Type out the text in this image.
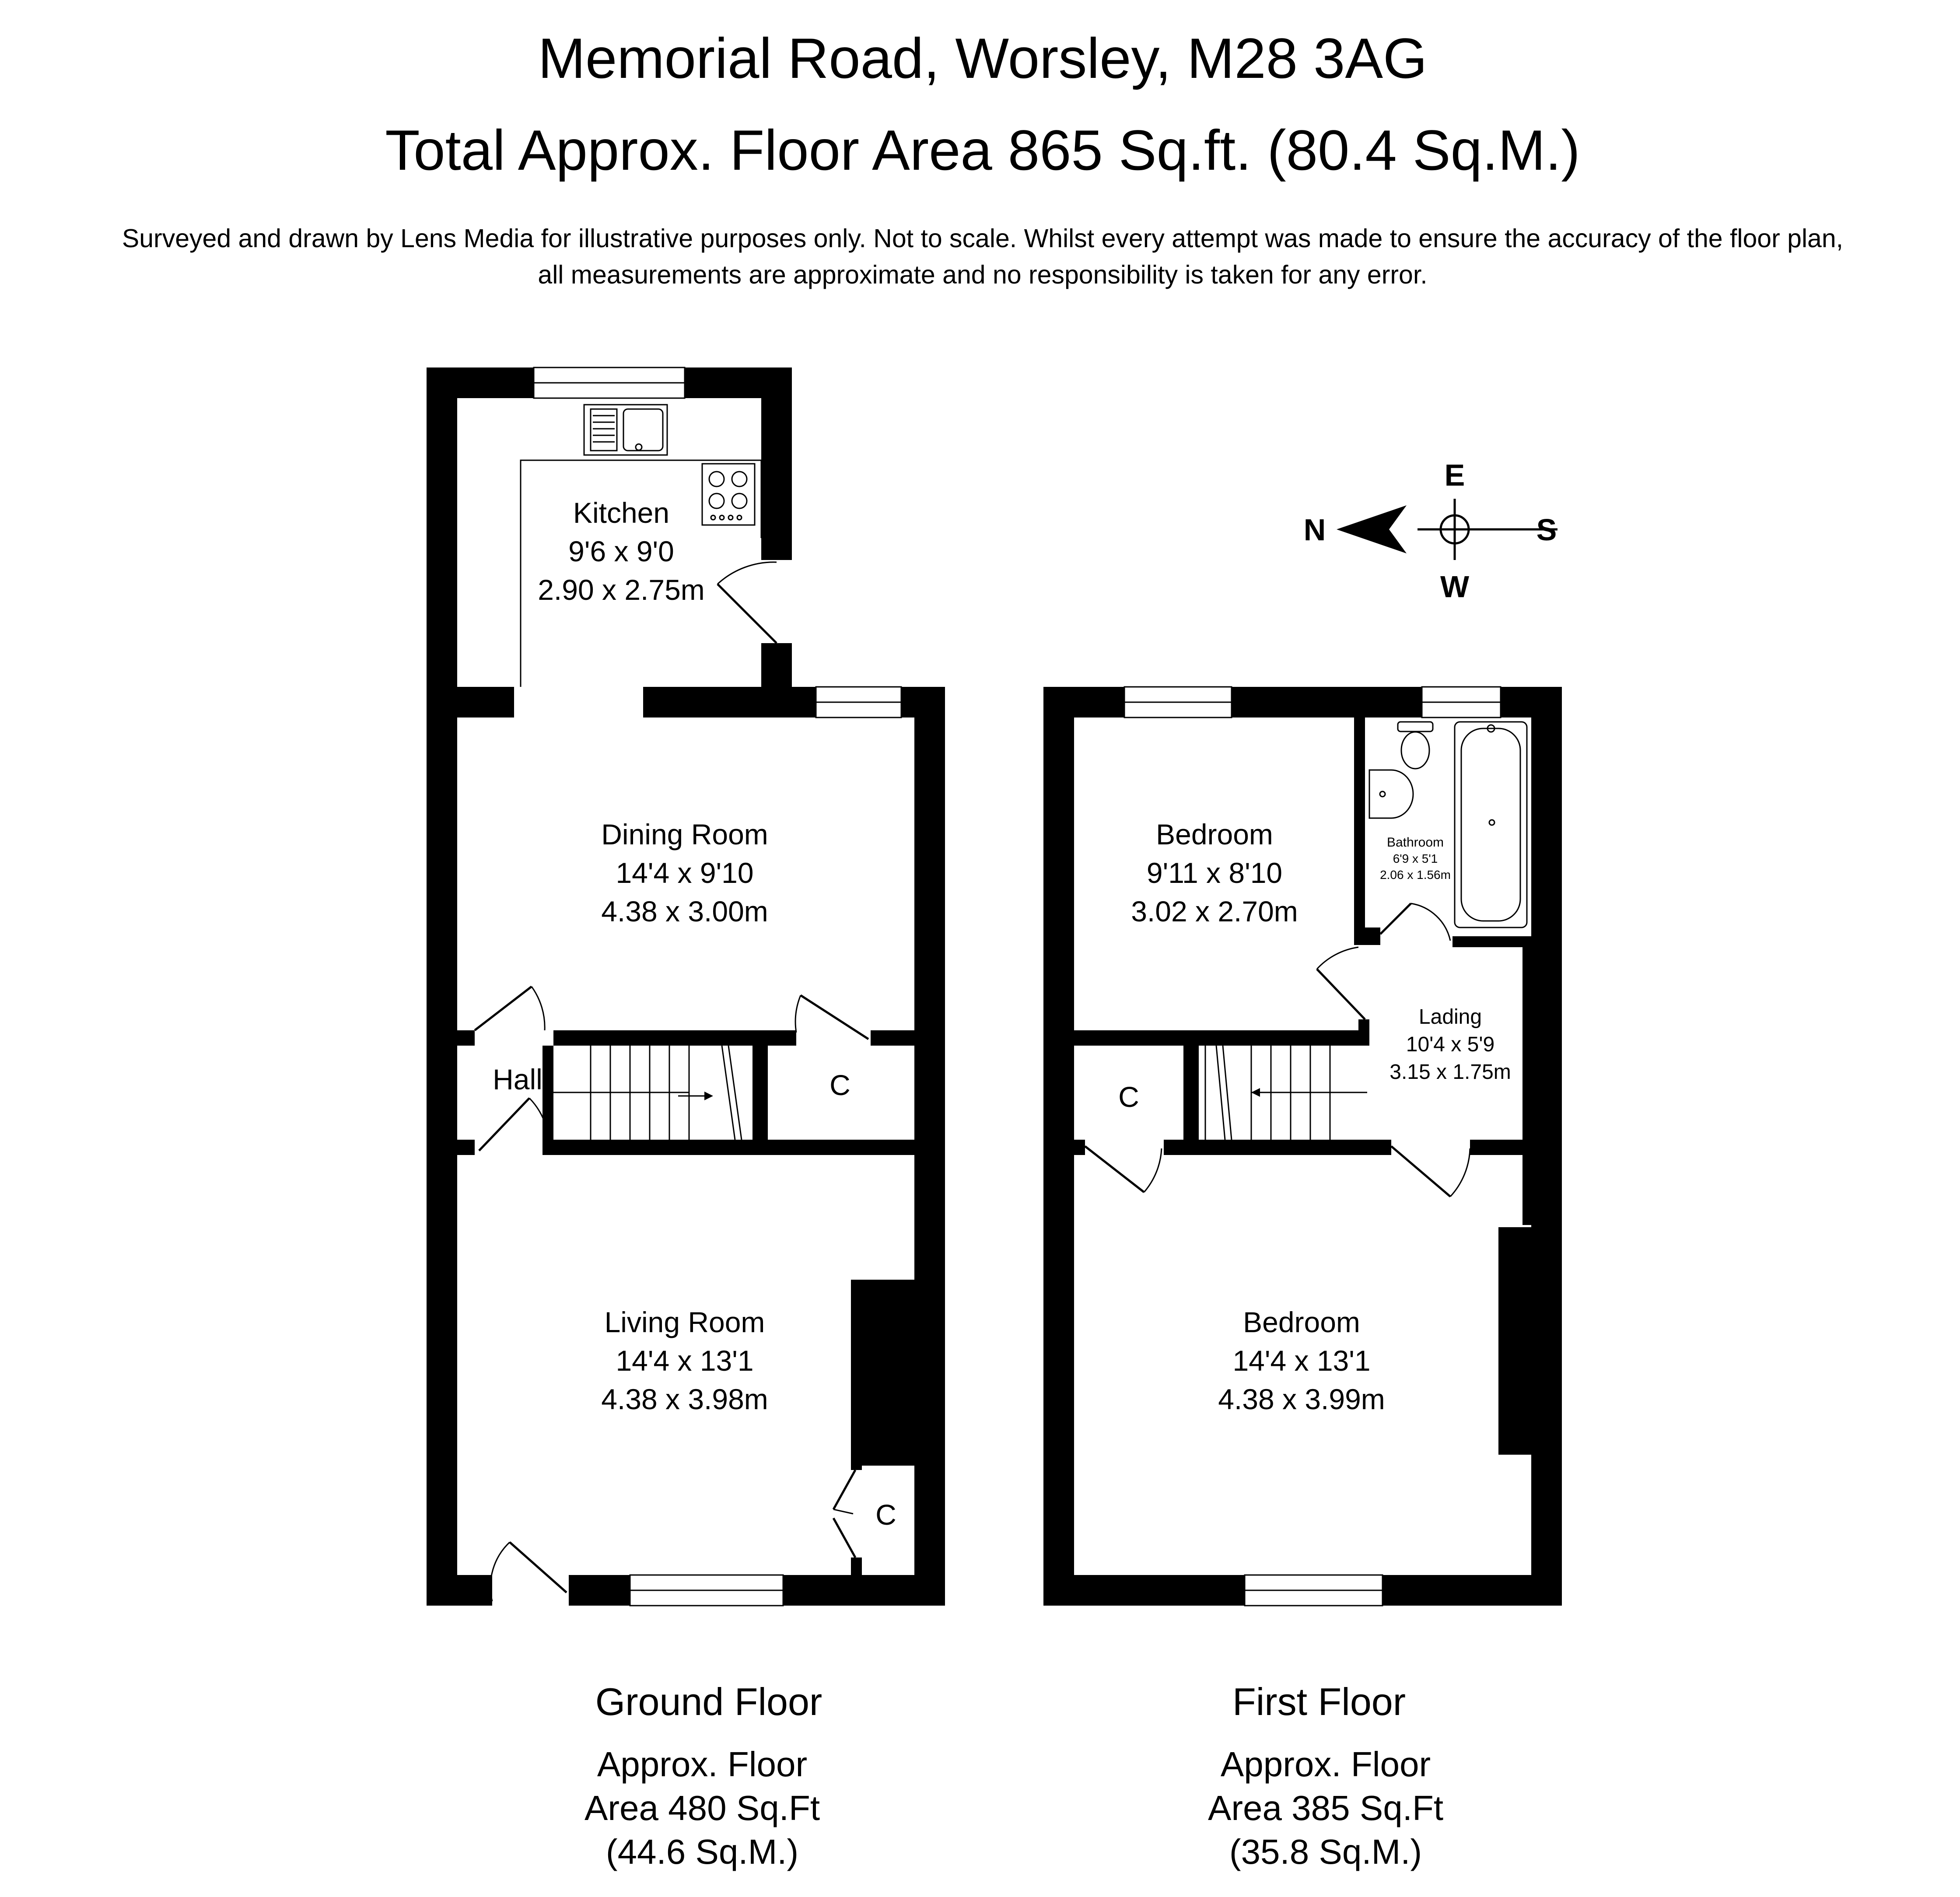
Memorial Road, Worsley, M28 3AG
Total Approx. Floor Area 865 Sq.ft. (80.4 Sq.M.)
Surveyed and drawn by Lens Media for illustrative purposes only. Not to scale. Whilst every attempt was made to ensure the accuracy of the floor plan,
all measurements are approximate and no responsibility is taken for any error.
Kitchen
9'6 x 9'0
2.90 x 2.75m
Dining Room
14'4 x 9'10
4.38 x 3.00m
Hall	C
Living Room
14'4 x 13'1
4.38 x 3.98m
C
Bedroom
9'11 x 8'10
3.02 x 2.70m
Bathroom
6'9 x 5'1
2.06 x 1.56m
Lading
10'4 x 5'9
3.15 x 1.75m
C
Bedroom
14'4 x 13'1
4.38 x 3.99m
N	S
E
W
Ground Floor
Approx. Floor
Area 480 Sq.Ft
(44.6 Sq.M.)
First Floor
Approx. Floor
Area 385 Sq.Ft
(35.8 Sq.M.)
